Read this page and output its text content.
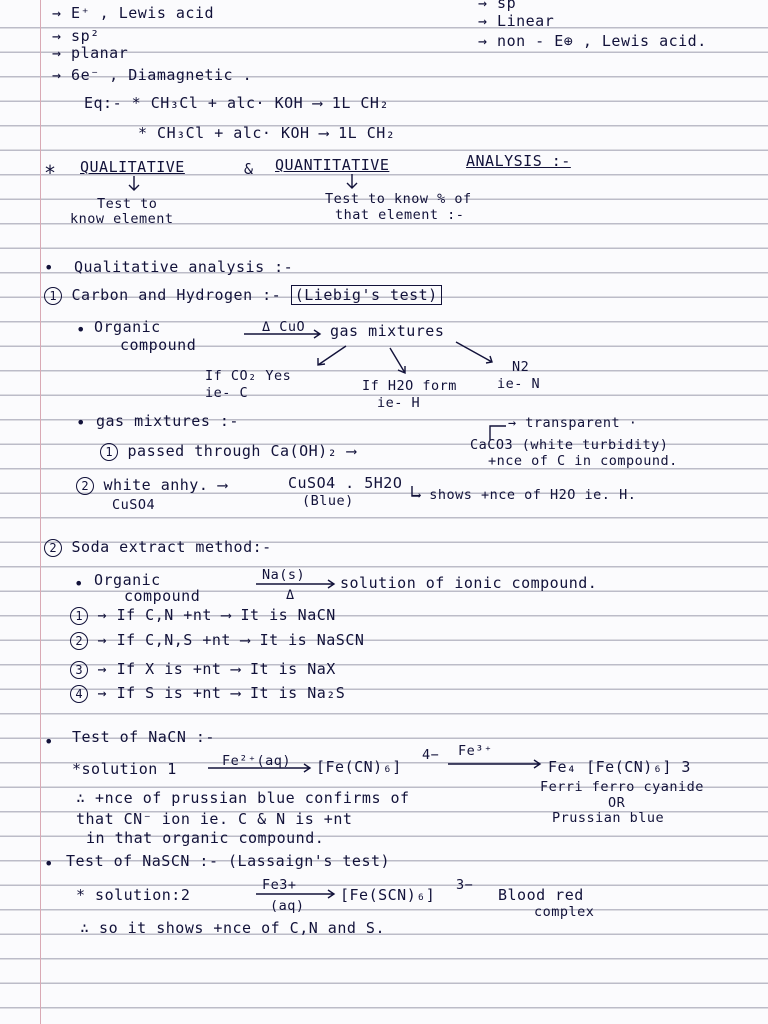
→ E⁺ , Lewis acid
→ sp²
→ planar
→ 6e⁻ , Diamagnetic .
→ sp
→ Linear
→ non - E⊕ , Lewis acid.
Eq:- * CH₃Cl + alc· KOH ⟶ 1L CH₂
* CH₃Cl + alc· KOH ⟶ 1L CH₂
* QUALITATIVE	& QUANTITATIVE	ANALYSIS :-
Test to
know element
Test to know % of
that element :-
• Qualitative analysis :-
1 Carbon and Hydrogen :- (Liebig's test)
• Organic
compound
Δ CuO gas mixtures
N2
If CO₂ Yes
ie- C	If H2O form
ie- H
ie- N
• gas mixtures :-	→ transparent ·
1 passed through Ca(OH)₂ ⟶	CaCO3 (white turbidity)
+nce of C in compound.
2 white anhy. ⟶
CuSO4
CuSO4 . 5H2O
(Blue)	⟶ shows +nce of H2O ie. H.
2 Soda extract method:-
• Organic
compound
Na(s)
Δ
solution of ionic compound.
1 → If C,N +nt ⟶ It is NaCN
2 → If C,N,S +nt ⟶ It is NaSCN
3 → If X is +nt ⟶ It is NaX
4 → If S is +nt ⟶ It is Na₂S
• Test of NaCN :-
*solution 1	Fe²⁺(aq) [Fe(CN)₆]
4− Fe³⁺
Fe₄ [Fe(CN)₆] 3
Ferri ferro cyanide
OR
Prussian blue
∴ +nce of prussian blue confirms of
that CN⁻ ion ie. C & N is +nt
in that organic compound.
• Test of NaSCN :- (Lassaign's test)
* solution:2
Fe3+
(aq)
[Fe(SCN)₆]
3−
Blood red
complex
∴ so it shows +nce of C,N and S.
